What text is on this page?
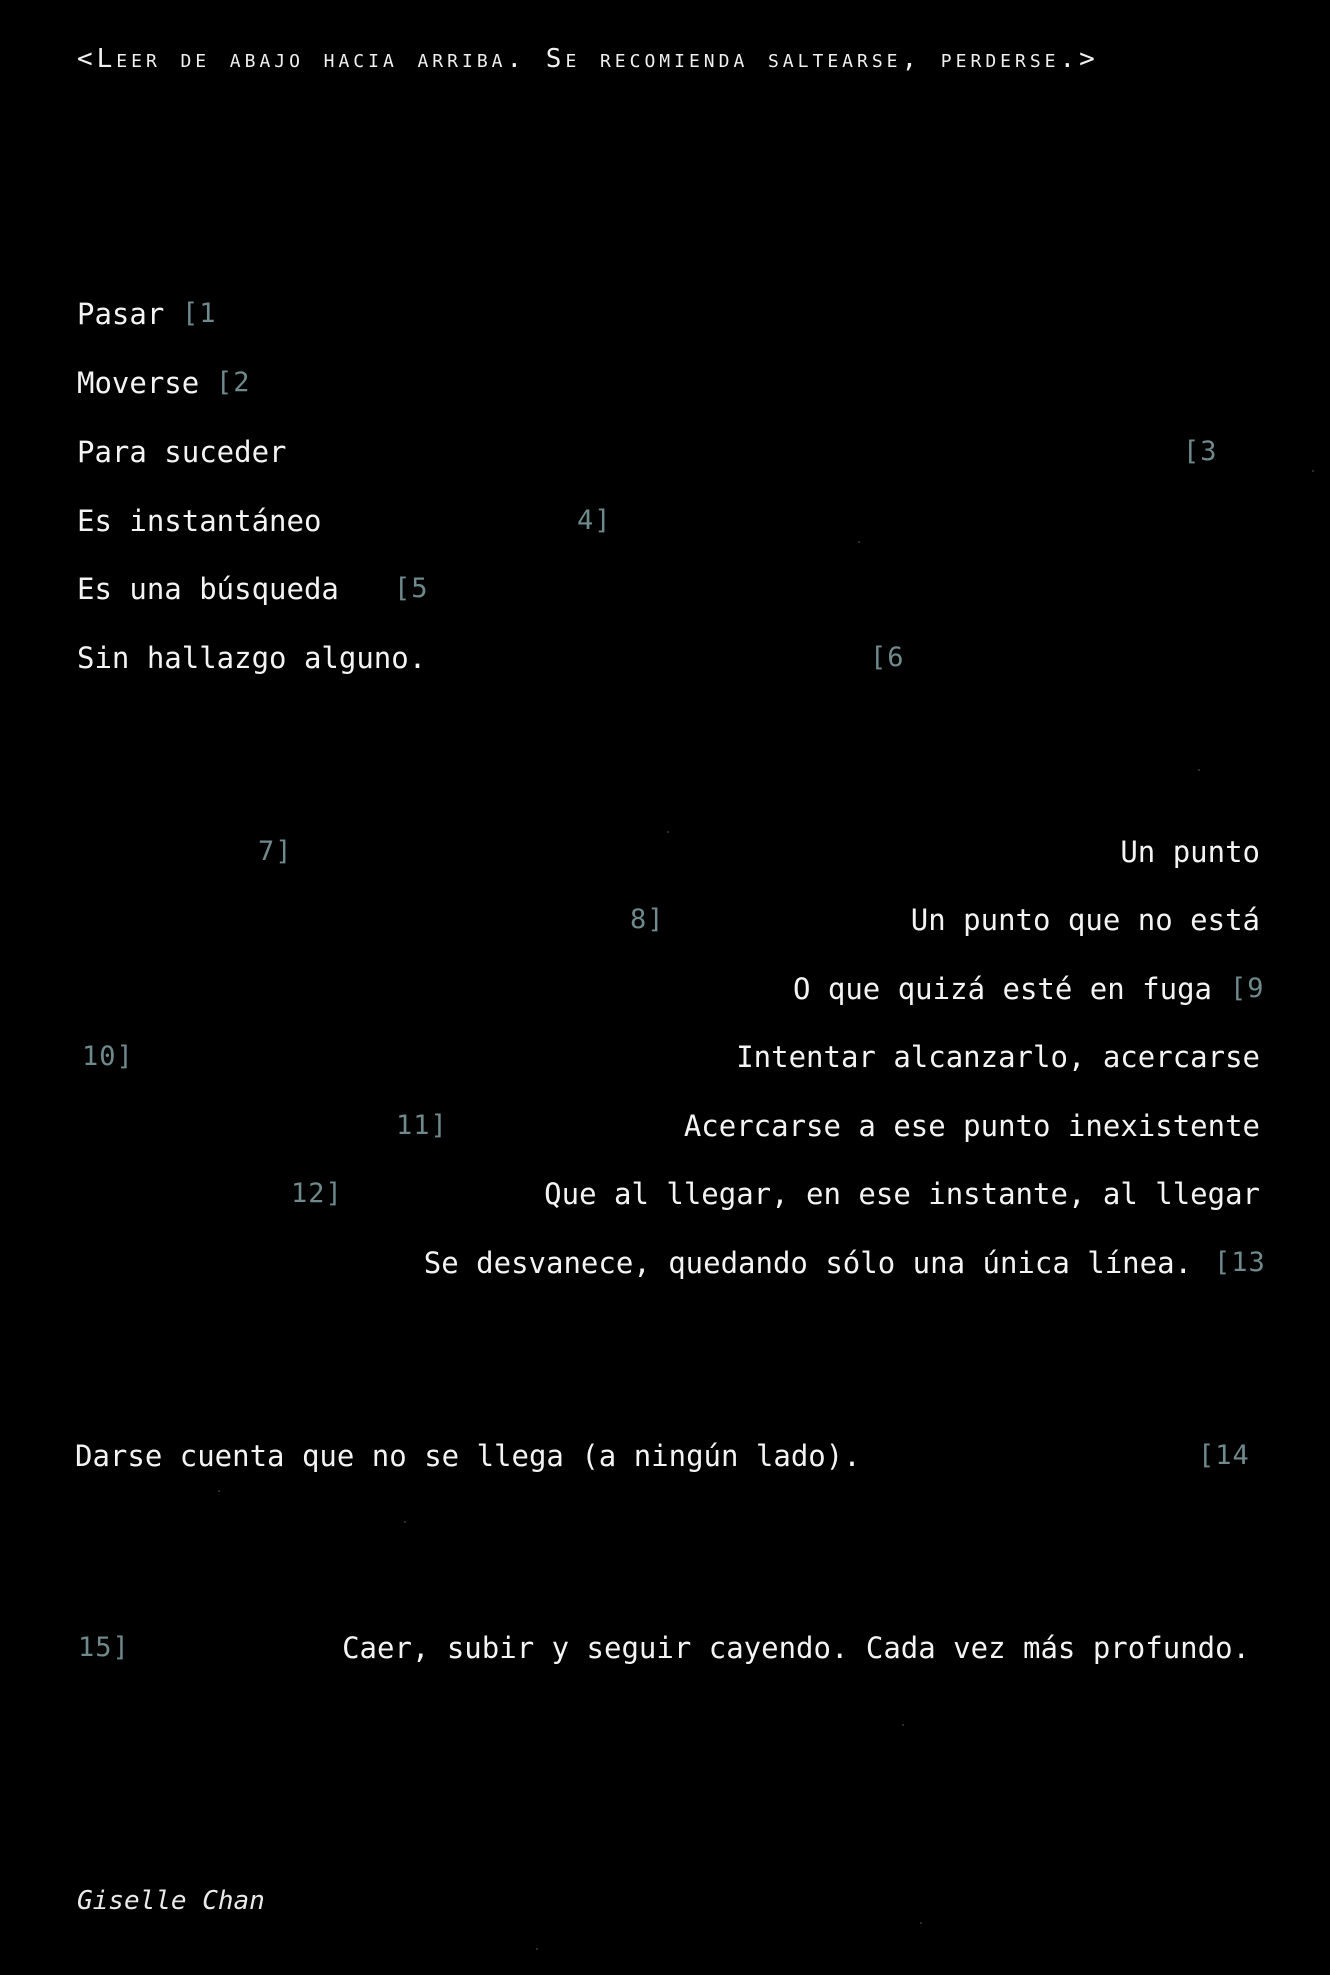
<Leer de abajo hacia arriba. Se recomienda saltearse, perderse.>
Pasar [1
Moverse [2
Para suceder	[3
Es instantáneo	4]
Es una búsqueda [5
Sin hallazgo alguno.	[6
7]	Un punto
8]	Un punto que no está
O que quizá esté en fuga [9
10]	Intentar alcanzarlo, acercarse
11]	Acercarse a ese punto inexistente
12]	Que al llegar, en ese instante, al llegar
Se desvanece, quedando sólo una única línea. [13
Darse cuenta que no se llega (a ningún lado).	[14
15]	Caer, subir y seguir cayendo. Cada vez más profundo.
Giselle Chan
